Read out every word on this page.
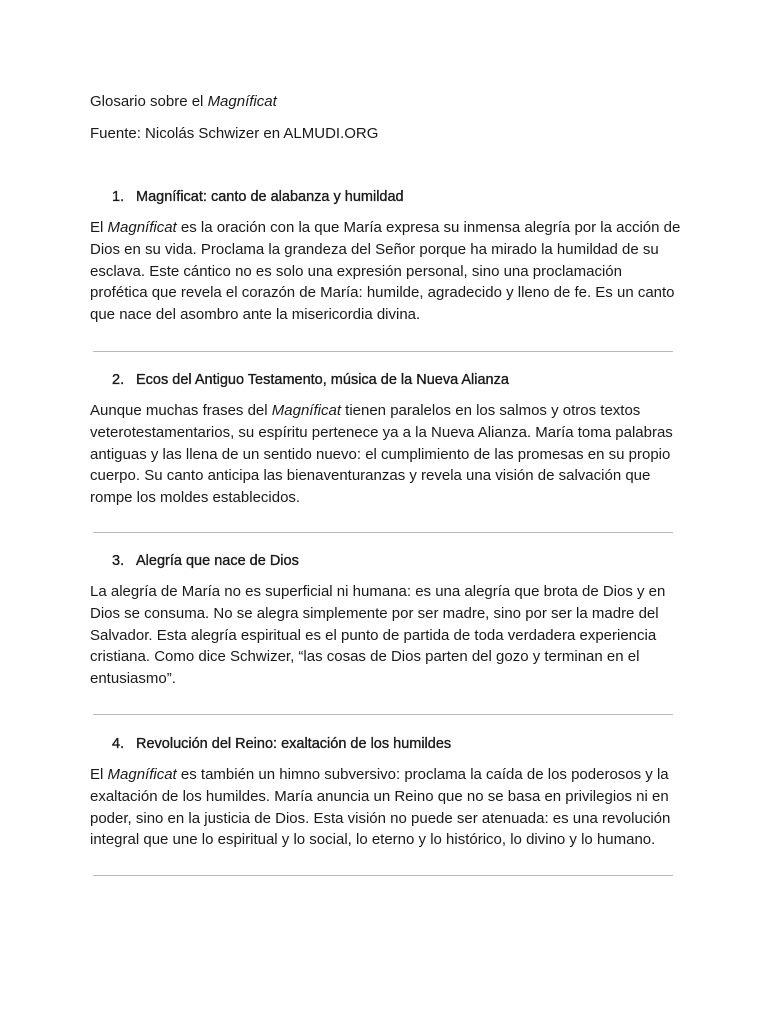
Glosario sobre el Magníficat
Fuente: Nicolás Schwizer en ALMUDI.ORG
1. Magníficat: canto de alabanza y humildad

El Magníficat es la oración con la que María expresa su inmensa alegría por la acción de Dios en su vida. Proclama la grandeza del Señor porque ha mirado la humildad de su esclava. Este cántico no es solo una expresión personal, sino una proclamación profética que revela el corazón de María: humilde, agradecido y lleno de fe. Es un canto que nace del asombro ante la misericordia divina.

2. Ecos del Antiguo Testamento, música de la Nueva Alianza

Aunque muchas frases del Magníficat tienen paralelos en los salmos y otros textos veterotestamentarios, su espíritu pertenece ya a la Nueva Alianza. María toma palabras antiguas y las llena de un sentido nuevo: el cumplimiento de las promesas en su propio cuerpo. Su canto anticipa las bienaventuranzas y revela una visión de salvación que rompe los moldes establecidos.

3. Alegría que nace de Dios

La alegría de María no es superficial ni humana: es una alegría que brota de Dios y en Dios se consuma. No se alegra simplemente por ser madre, sino por ser la madre del Salvador. Esta alegría espiritual es el punto de partida de toda verdadera experiencia cristiana. Como dice Schwizer, “las cosas de Dios parten del gozo y terminan en el entusiasmo”.

4. Revolución del Reino: exaltación de los humildes

El Magníficat es también un himno subversivo: proclama la caída de los poderosos y la exaltación de los humildes. María anuncia un Reino que no se basa en privilegios ni en poder, sino en la justicia de Dios. Esta visión no puede ser atenuada: es una revolución integral que une lo espiritual y lo social, lo eterno y lo histórico, lo divino y lo humano.
